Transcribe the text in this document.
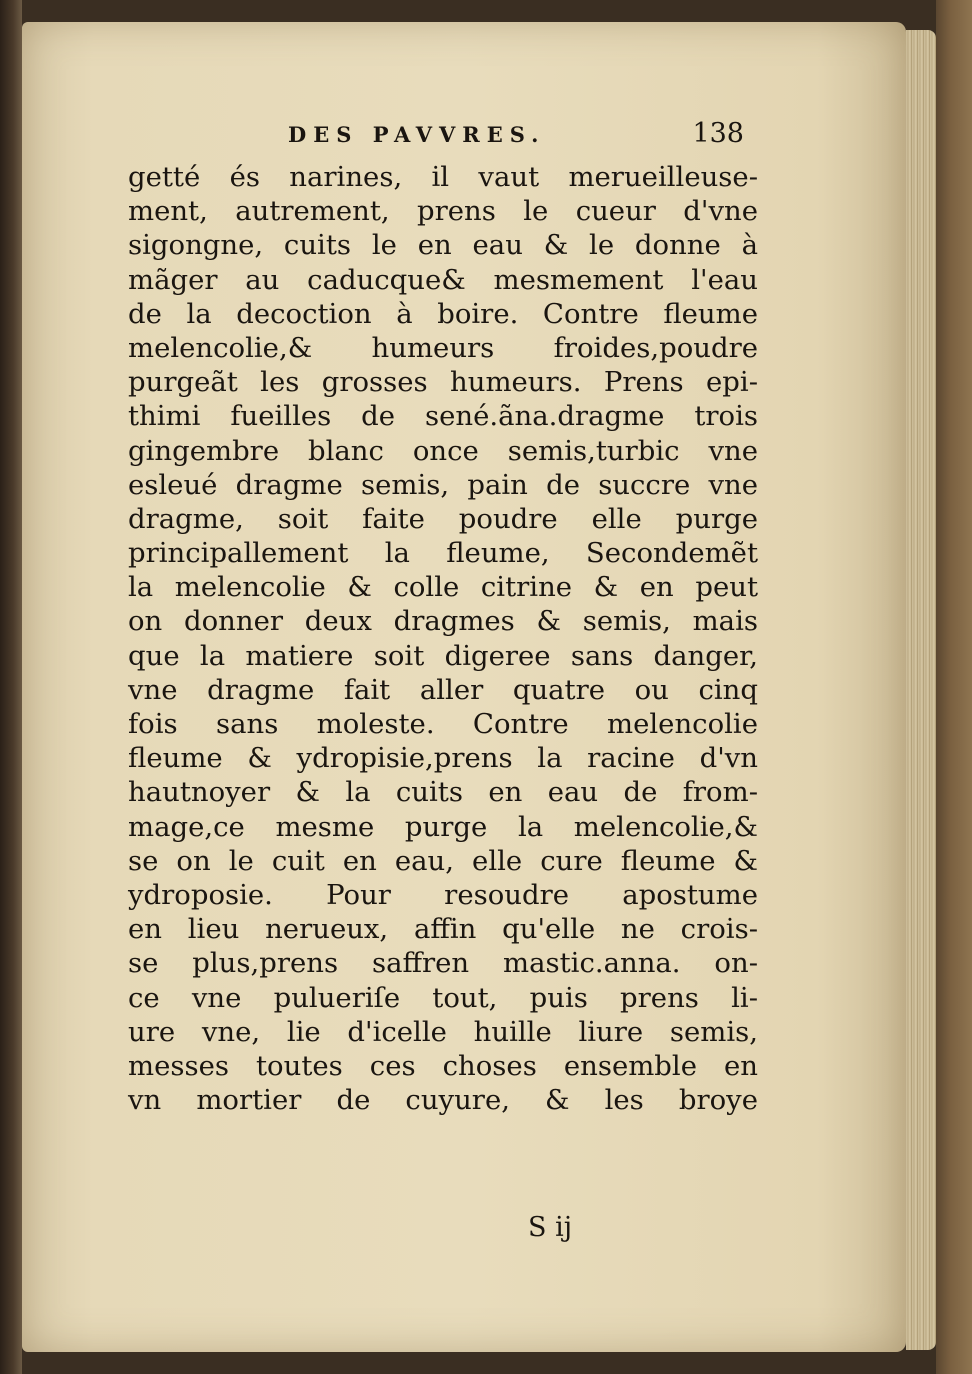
DES PAVVRES.	138
getté és narines, il vaut merueilleuse-
ment, autrement, prens le cueur d'vne
sigongne, cuits le en eau & le donne à
mãger au caducque& mesmement l'eau
de la decoction à boire. Contre fleume
melencolie,& humeurs froides,poudre
purgeãt les grosses humeurs. Prens epi-
thimi fueilles de sené.ãna.dragme trois
gingembre blanc once semis,turbic vne
esleué dragme semis, pain de succre vne
dragme, soit faite poudre elle purge
principallement la fleume, Secondemẽt
la melencolie & colle citrine & en peut
on donner deux dragmes & semis, mais
que la matiere soit digeree sans danger,
vne dragme fait aller quatre ou cinq
fois sans moleste. Contre melencolie
fleume & ydropisie,prens la racine d'vn
hautnoyer & la cuits en eau de from-
mage,ce mesme purge la melencolie,&
se on le cuit en eau, elle cure fleume &
ydroposie. Pour resoudre apostume
en lieu nerueux, affin qu'elle ne crois-
se plus,prens saffren mastic.anna. on-
ce vne pulueriſe tout, puis prens li-
ure vne, lie d'icelle huille liure semis,
messes toutes ces choses ensemble en
vn mortier de cuyure, & les broye
S ij
